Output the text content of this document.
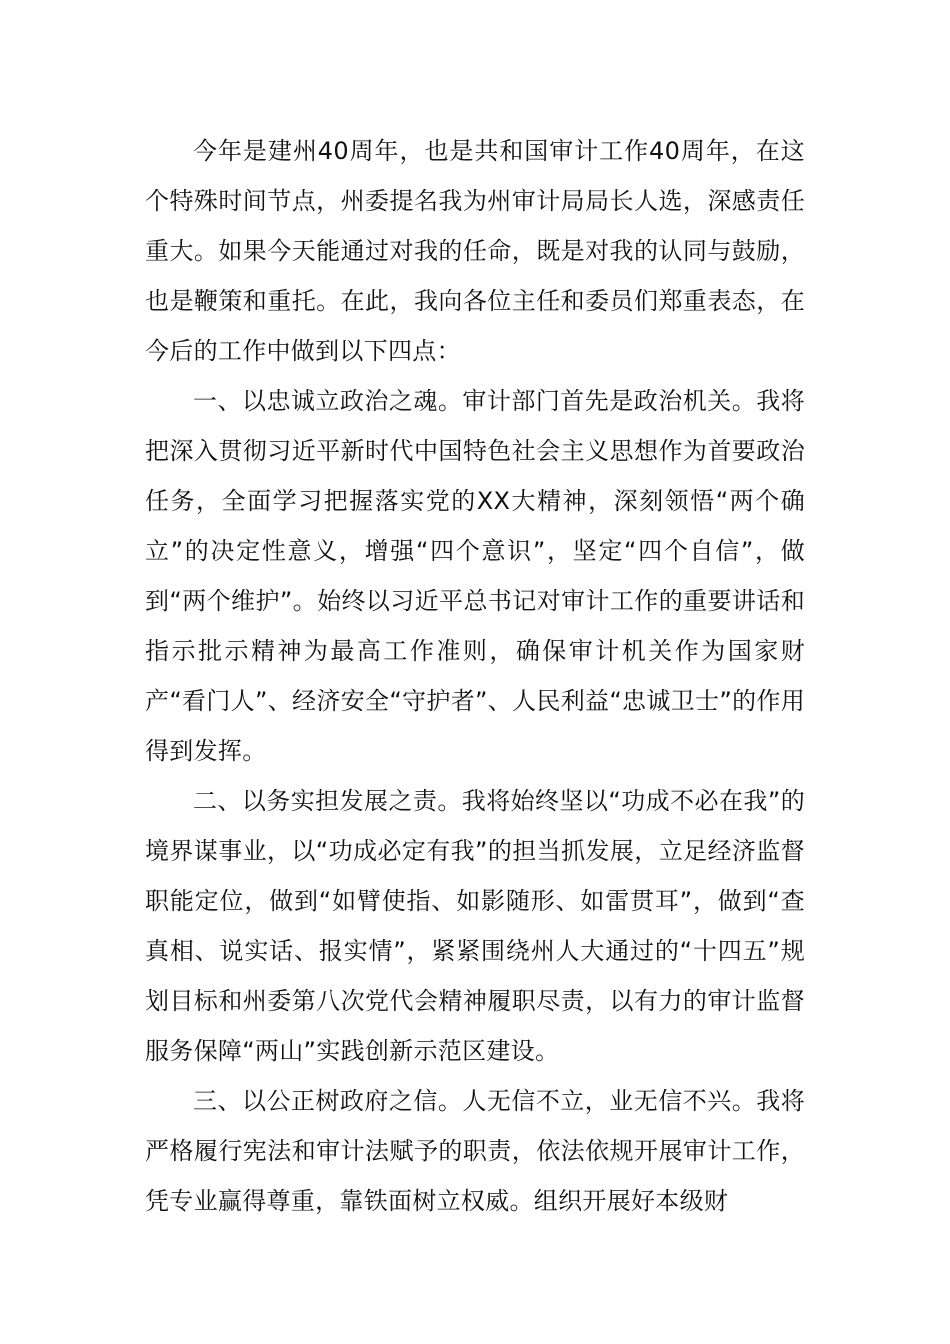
今年是建州40周年，也是共和国审计工作40周年，在这个特殊时间节点，州委提名我为州审计局局长人选，深感责任重大。如果今天能通过对我的任命，既是对我的认同与鼓励，也是鞭策和重托。在此，我向各位主任和委员们郑重表态，在今后的工作中做到以下四点：

一、以忠诚立政治之魂。审计部门首先是政治机关。我将把深入贯彻习近平新时代中国特色社会主义思想作为首要政治任务，全面学习把握落实党的XX大精神，深刻领悟“两个确立”的决定性意义，增强“四个意识”，坚定“四个自信”，做到“两个维护”。始终以习近平总书记对审计工作的重要讲话和指示批示精神为最高工作准则，确保审计机关作为国家财产“看门人”、经济安全“守护者”、人民利益“忠诚卫士”的作用得到发挥。

二、以务实担发展之责。我将始终坚以“功成不必在我”的境界谋事业，以“功成必定有我”的担当抓发展，立足经济监督职能定位，做到“如臂使指、如影随形、如雷贯耳”，做到“查真相、说实话、报实情”，紧紧围绕州人大通过的“十四五”规划目标和州委第八次党代会精神履职尽责，以有力的审计监督服务保障“两山”实践创新示范区建设。

三、以公正树政府之信。人无信不立，业无信不兴。我将严格履行宪法和审计法赋予的职责，依法依规开展审计工作，凭专业赢得尊重，靠铁面树立权威。组织开展好本级财
